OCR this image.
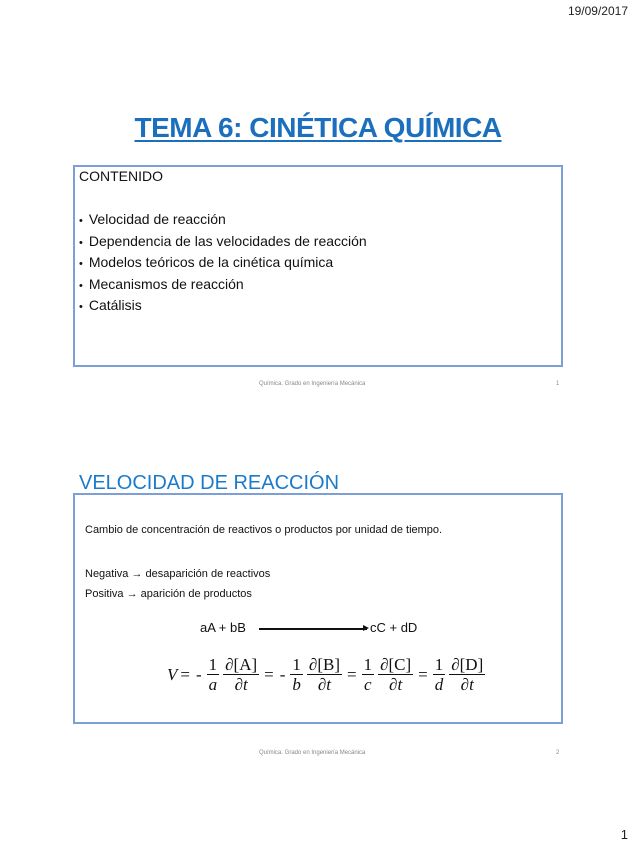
19/09/2017
TEMA 6: CINÉTICA QUÍMICA
CONTENIDO
• Velocidad de reacción
• Dependencia de las velocidades de reacción
• Modelos teóricos de la cinética química
• Mecanismos de reacción
• Catálisis
Química. Grado en Ingeniería Mecánica	1
VELOCIDAD DE REACCIÓN
Cambio de concentración de reactivos o productos por unidad de tiempo.
Negativa → desaparición de reactivos
Positiva → aparición de productos
aA + bB	cC + dD
V = - $\frac{1}{a} \frac{\partial[A]}{\partial t}$ = - $\frac{1}{b} \frac{\partial[B]}{\partial t} = \frac{1}{c} \frac{\partial[C]}{\partial t} = \frac{1}{d} \frac{\partial[D]}{\partial t}$
Química. Grado en Ingeniería Mecánica	2
1
